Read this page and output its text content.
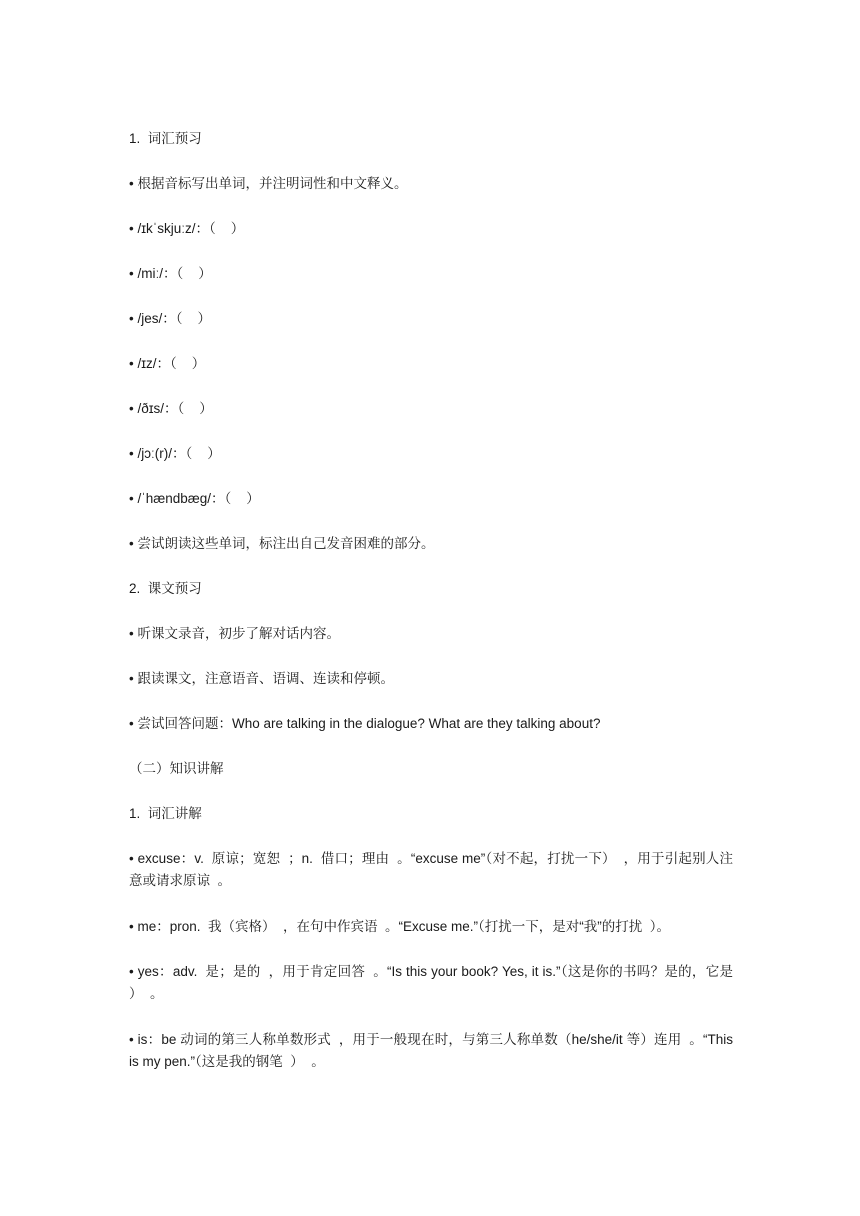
1.  词汇预习

• 根据音标写出单词，并注明词性和中文释义。

• /ɪkˈskjuːz/：（    ）

• /miː/：（    ）

• /jes/：（    ）

• /ɪz/：（    ）

• /ðɪs/：（    ）

• /jɔː(r)/：（    ）

• /ˈhændbæɡ/：（    ）

• 尝试朗读这些单词，标注出自己发音困难的部分。

2.  课文预习

• 听课文录音，初步了解对话内容。

• 跟读课文，注意语音、语调、连读和停顿。

• 尝试回答问题：Who are talking in the dialogue? What are they talking about?

（二）知识讲解

1.  词汇讲解

• excuse：v.  原谅；宽恕  ；n.  借口；理由  。“excuse me”（对不起，打扰一下）  ，用于引起别人注意或请求原谅  。

• me：pron.  我（宾格）  ，在句中作宾语  。“Excuse me.”（打扰一下，是对“我”的打扰  ）。

• yes：adv.  是；是的  ，用于肯定回答  。“Is this your book? Yes, it is.”（这是你的书吗？是的，它是  ）  。

• is：be 动词的第三人称单数形式  ，用于一般现在时，与第三人称单数（he/she/it 等）连用  。“This is my pen.”（这是我的钢笔  ）  。
